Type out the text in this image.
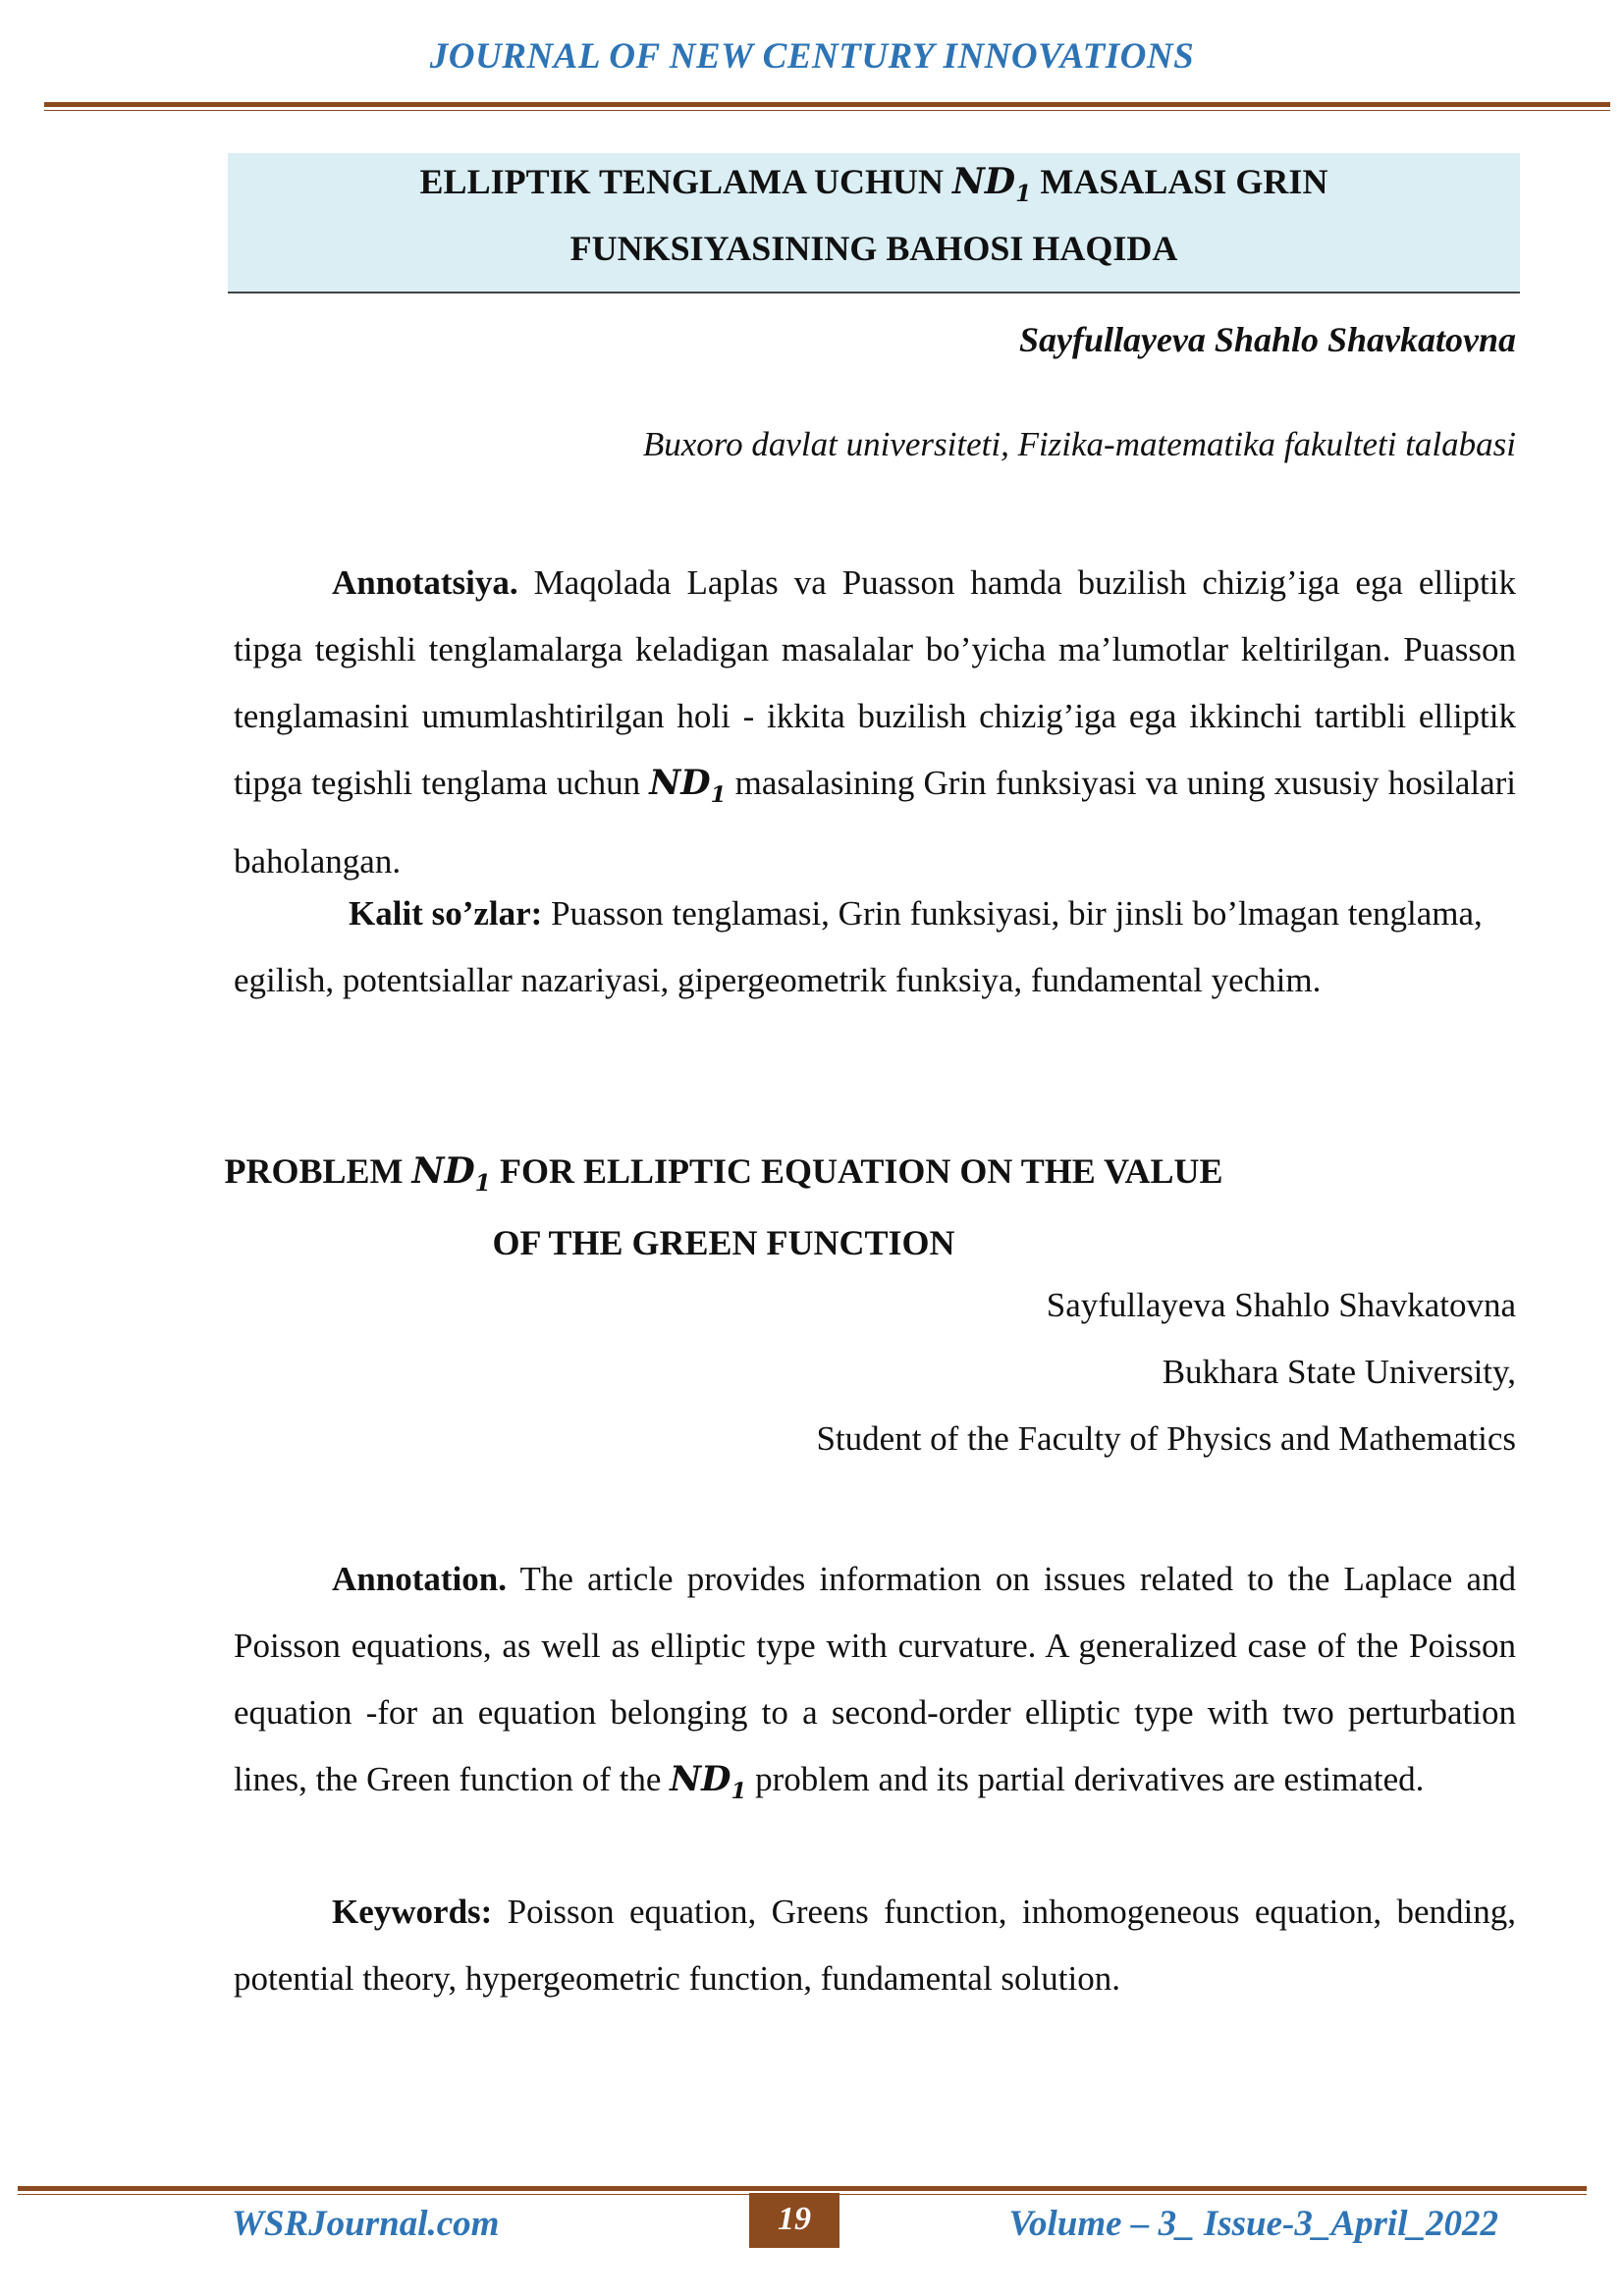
JOURNAL OF NEW CENTURY INNOVATIONS
ELLIPTIK TENGLAMA UCHUN $ND_1$ MASALASI GRIN
FUNKSIYASINING BAHOSI HAQIDA
Sayfullayeva Shahlo Shavkatovna
Buxoro davlat universiteti, Fizika-matematika fakulteti talabasi

Annotatsiya. Maqolada Laplas va Puasson hamda buzilish chizig’iga ega elliptik tipga tegishli tenglamalarga keladigan masalalar bo’yicha ma’lumotlar keltirilgan. Puasson tenglamasini umumlashtirilgan holi - ikkita buzilish chizig’iga ega ikkinchi tartibli elliptik tipga tegishli tenglama uchun $ND_1$ masalasining Grin funksiyasi va uning xususiy hosilalari baholangan.

Kalit so’zlar: Puasson tenglamasi, Grin funksiyasi, bir jinsli bo’lmagan tenglama, egilish, potentsiallar nazariyasi, gipergeometrik funksiya, fundamental yechim.

PROBLEM $ND_1$ FOR ELLIPTIC EQUATION ON THE VALUE
OF THE GREEN FUNCTION
Sayfullayeva Shahlo Shavkatovna
Bukhara State University,
Student of the Faculty of Physics and Mathematics

Annotation. The article provides information on issues related to the Laplace and Poisson equations, as well as elliptic type with curvature. A generalized case of the Poisson equation -for an equation belonging to a second-order elliptic type with two perturbation lines, the Green function of the $ND_1$ problem and its partial derivatives are estimated.

Keywords: Poisson equation, Greens function, inhomogeneous equation, bending, potential theory, hypergeometric function, fundamental solution.

WSRJournal.com	19	Volume – 3_ Issue-3_April_2022
